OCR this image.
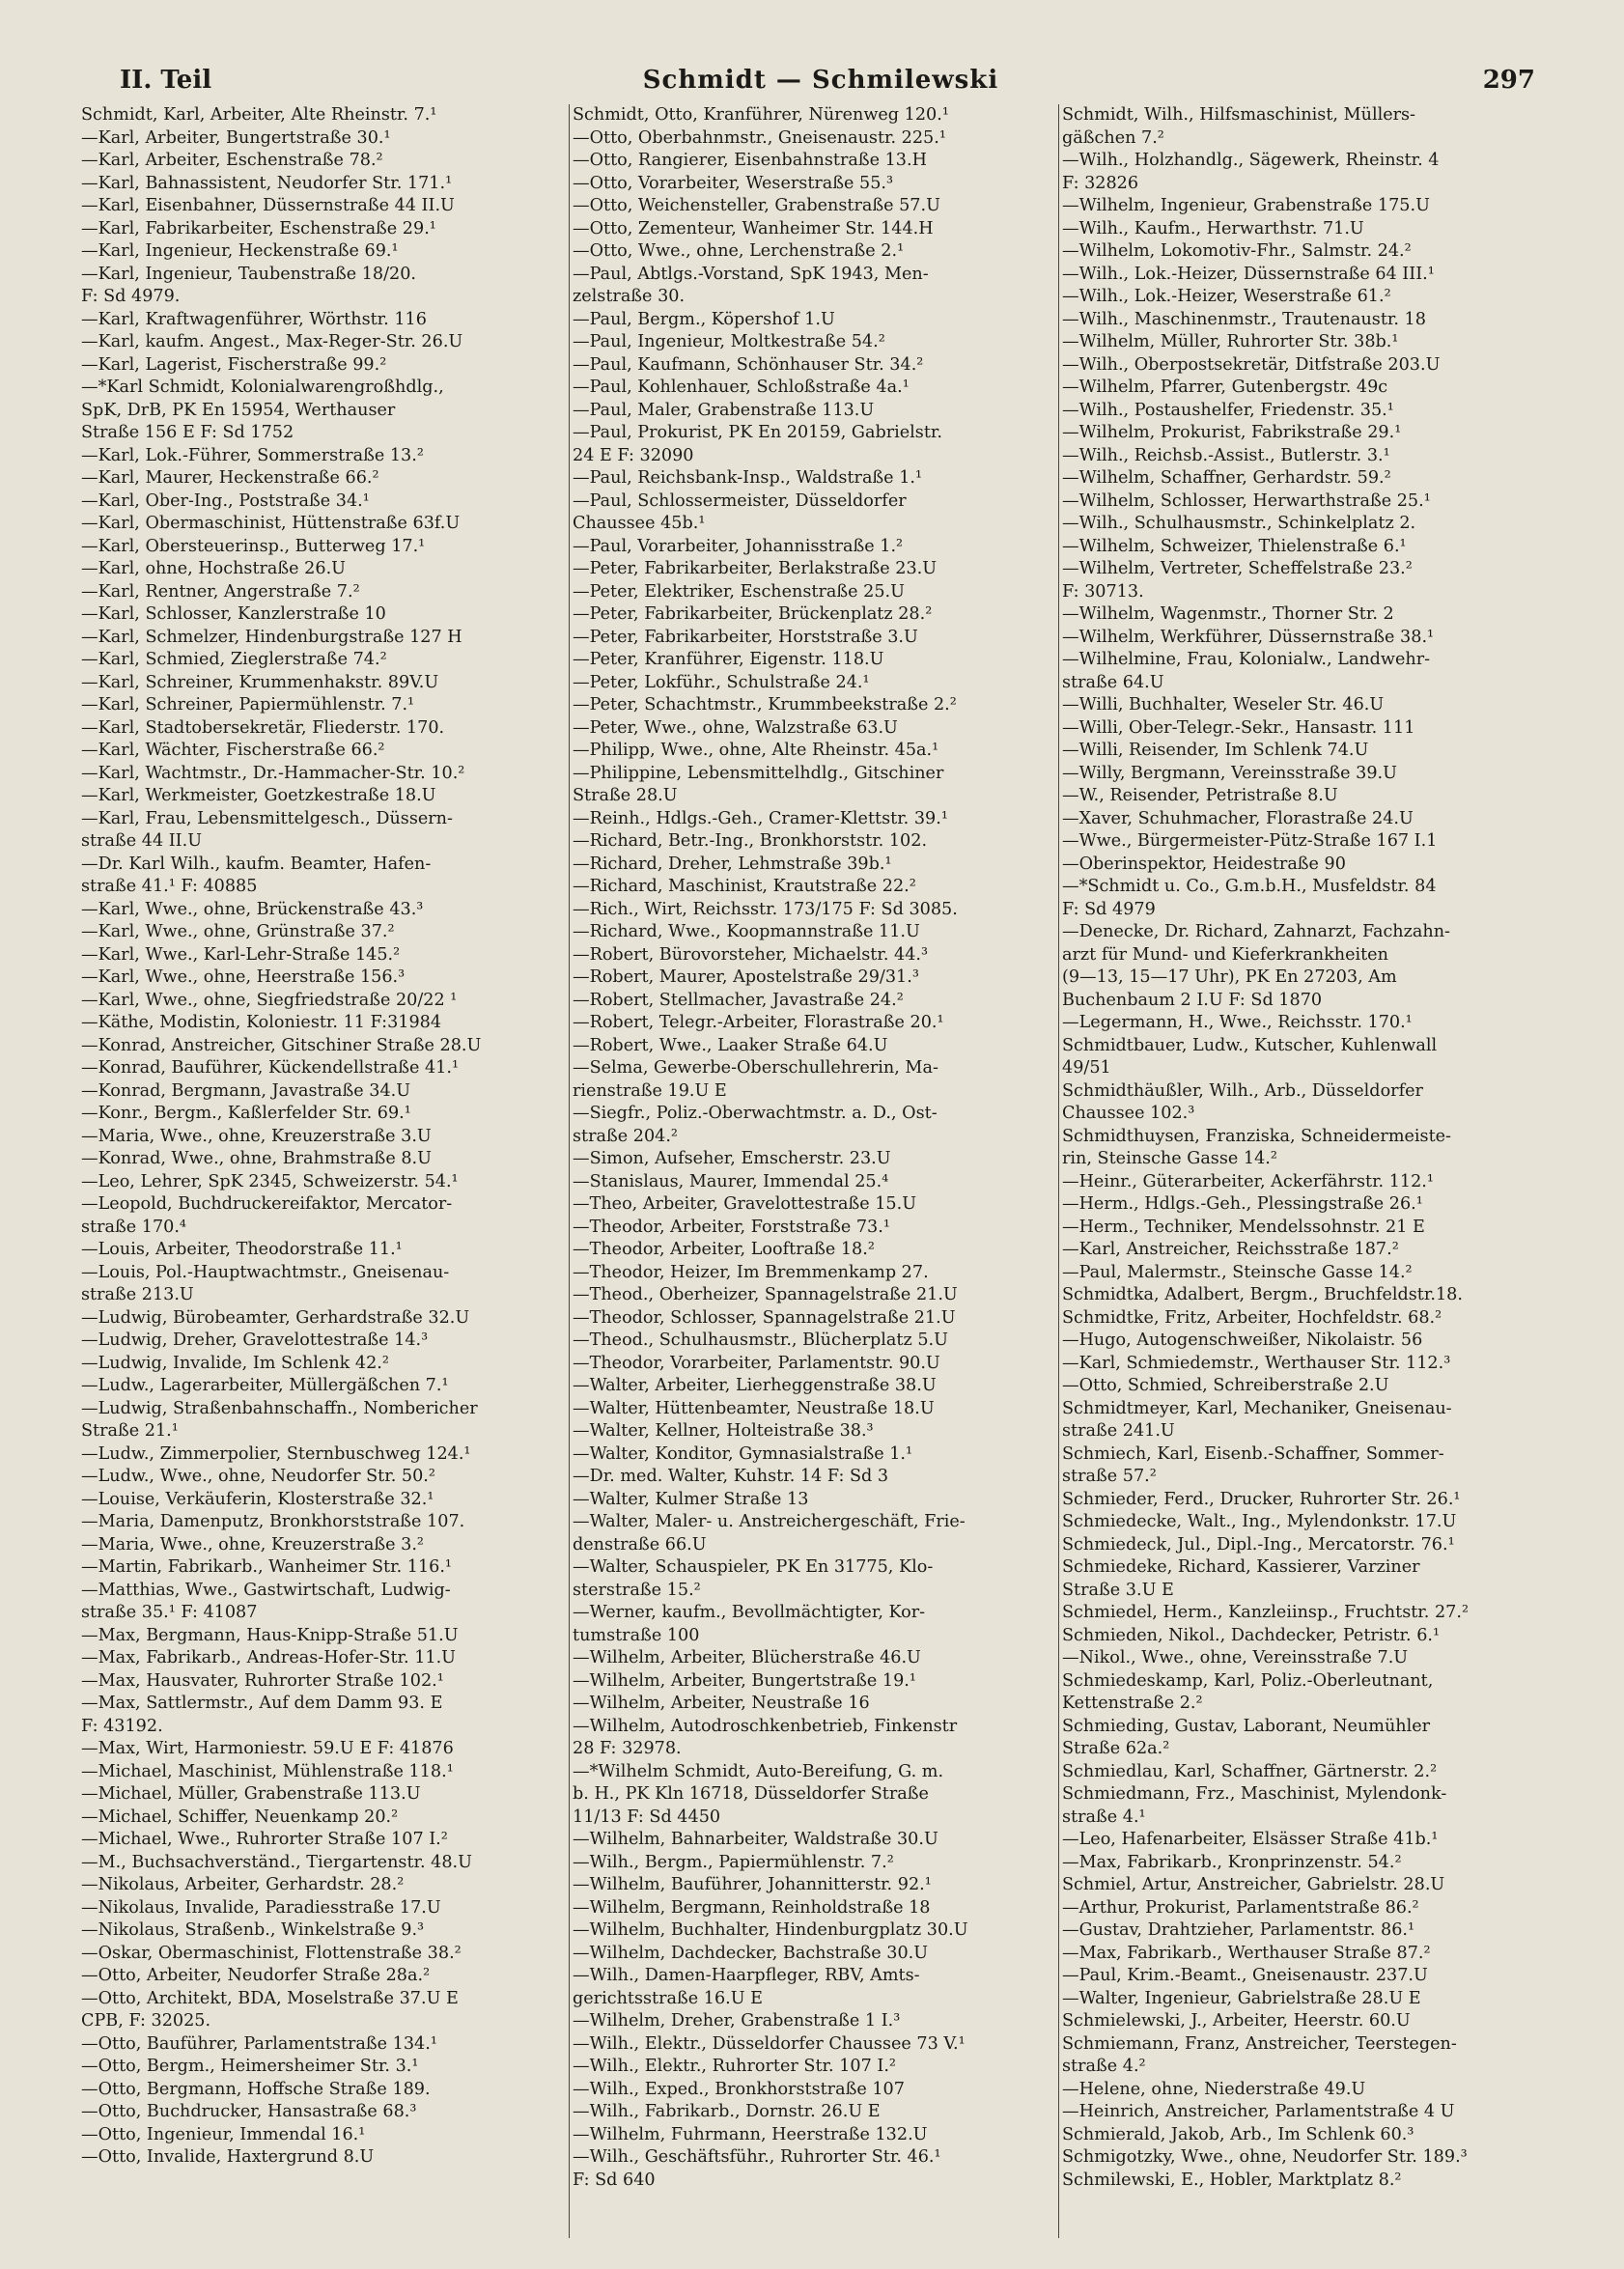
II. Teil	Schmidt — Schmilewski	297
Schmidt, Karl, Arbeiter, Alte Rheinstr. 7.¹
—Karl, Arbeiter, Bungertstraße 30.¹
—Karl, Arbeiter, Eschenstraße 78.²
—Karl, Bahnassistent, Neudorfer Str. 171.¹
—Karl, Eisenbahner, Düssernstraße 44 II.U
—Karl, Fabrikarbeiter, Eschenstraße 29.¹
—Karl, Ingenieur, Heckenstraße 69.¹
—Karl, Ingenieur, Taubenstraße 18/20.
F: Sd 4979.
—Karl, Kraftwagenführer, Wörthstr. 116
—Karl, kaufm. Angest., Max-Reger-Str. 26.U
—Karl, Lagerist, Fischerstraße 99.²
—*Karl Schmidt, Kolonialwarengroßhdlg.,
SpK, DrB, PK En 15954, Werthauser
Straße 156 E F: Sd 1752
—Karl, Lok.-Führer, Sommerstraße 13.²
—Karl, Maurer, Heckenstraße 66.²
—Karl, Ober-Ing., Poststraße 34.¹
—Karl, Obermaschinist, Hüttenstraße 63f.U
—Karl, Obersteuerinsp., Butterweg 17.¹
—Karl, ohne, Hochstraße 26.U
—Karl, Rentner, Angerstraße 7.²
—Karl, Schlosser, Kanzlerstraße 10
—Karl, Schmelzer, Hindenburgstraße 127 H
—Karl, Schmied, Zieglerstraße 74.²
—Karl, Schreiner, Krummenhakstr. 89V.U
—Karl, Schreiner, Papiermühlenstr. 7.¹
—Karl, Stadtobersekretär, Fliederstr. 170.
—Karl, Wächter, Fischerstraße 66.²
—Karl, Wachtmstr., Dr.-Hammacher-Str. 10.²
—Karl, Werkmeister, Goetzkestraße 18.U
—Karl, Frau, Lebensmittelgesch., Düssern-
straße 44 II.U
—Dr. Karl Wilh., kaufm. Beamter, Hafen-
straße 41.¹ F: 40885
—Karl, Wwe., ohne, Brückenstraße 43.³
—Karl, Wwe., ohne, Grünstraße 37.²
—Karl, Wwe., Karl-Lehr-Straße 145.²
—Karl, Wwe., ohne, Heerstraße 156.³
—Karl, Wwe., ohne, Siegfriedstraße 20/22 ¹
—Käthe, Modistin, Koloniestr. 11 F:31984
—Konrad, Anstreicher, Gitschiner Straße 28.U
—Konrad, Bauführer, Kückendellstraße 41.¹
—Konrad, Bergmann, Javastraße 34.U
—Konr., Bergm., Kaßlerfelder Str. 69.¹
—Maria, Wwe., ohne, Kreuzerstraße 3.U
—Konrad, Wwe., ohne, Brahmstraße 8.U
—Leo, Lehrer, SpK 2345, Schweizerstr. 54.¹
—Leopold, Buchdruckereifaktor, Mercator-
straße 170.⁴
—Louis, Arbeiter, Theodorstraße 11.¹
—Louis, Pol.-Hauptwachtmstr., Gneisenau-
straße 213.U
—Ludwig, Bürobeamter, Gerhardstraße 32.U
—Ludwig, Dreher, Gravelottestraße 14.³
—Ludwig, Invalide, Im Schlenk 42.²
—Ludw., Lagerarbeiter, Müllergäßchen 7.¹
—Ludwig, Straßenbahnschaffn., Nombericher
Straße 21.¹
—Ludw., Zimmerpolier, Sternbuschweg 124.¹
—Ludw., Wwe., ohne, Neudorfer Str. 50.²
—Louise, Verkäuferin, Klosterstraße 32.¹
—Maria, Damenputz, Bronkhorststraße 107.
—Maria, Wwe., ohne, Kreuzerstraße 3.²
—Martin, Fabrikarb., Wanheimer Str. 116.¹
—Matthias, Wwe., Gastwirtschaft, Ludwig-
straße 35.¹ F: 41087
—Max, Bergmann, Haus-Knipp-Straße 51.U
—Max, Fabrikarb., Andreas-Hofer-Str. 11.U
—Max, Hausvater, Ruhrorter Straße 102.¹
—Max, Sattlermstr., Auf dem Damm 93. E
F: 43192.
—Max, Wirt, Harmoniestr. 59.U E F: 41876
—Michael, Maschinist, Mühlenstraße 118.¹
—Michael, Müller, Grabenstraße 113.U
—Michael, Schiffer, Neuenkamp 20.²
—Michael, Wwe., Ruhrorter Straße 107 I.²
—M., Buchsachverständ., Tiergartenstr. 48.U
—Nikolaus, Arbeiter, Gerhardstr. 28.²
—Nikolaus, Invalide, Paradiesstraße 17.U
—Nikolaus, Straßenb., Winkelstraße 9.³
—Oskar, Obermaschinist, Flottenstraße 38.²
—Otto, Arbeiter, Neudorfer Straße 28a.²
—Otto, Architekt, BDA, Moselstraße 37.U E
CPB, F: 32025.
—Otto, Bauführer, Parlamentstraße 134.¹
—Otto, Bergm., Heimersheimer Str. 3.¹
—Otto, Bergmann, Hoffsche Straße 189.
—Otto, Buchdrucker, Hansastraße 68.³
—Otto, Ingenieur, Immendal 16.¹
—Otto, Invalide, Haxtergrund 8.U
Schmidt, Otto, Kranführer, Nürenweg 120.¹
—Otto, Oberbahnmstr., Gneisenaustr. 225.¹
—Otto, Rangierer, Eisenbahnstraße 13.H
—Otto, Vorarbeiter, Weserstraße 55.³
—Otto, Weichensteller, Grabenstraße 57.U
—Otto, Zementeur, Wanheimer Str. 144.H
—Otto, Wwe., ohne, Lerchenstraße 2.¹
—Paul, Abtlgs.-Vorstand, SpK 1943, Men-
zelstraße 30.
—Paul, Bergm., Köpershof 1.U
—Paul, Ingenieur, Moltkestraße 54.²
—Paul, Kaufmann, Schönhauser Str. 34.²
—Paul, Kohlenhauer, Schloßstraße 4a.¹
—Paul, Maler, Grabenstraße 113.U
—Paul, Prokurist, PK En 20159, Gabrielstr.
24 E F: 32090
—Paul, Reichsbank-Insp., Waldstraße 1.¹
—Paul, Schlossermeister, Düsseldorfer
Chaussee 45b.¹
—Paul, Vorarbeiter, Johannisstraße 1.²
—Peter, Fabrikarbeiter, Berlakstraße 23.U
—Peter, Elektriker, Eschenstraße 25.U
—Peter, Fabrikarbeiter, Brückenplatz 28.²
—Peter, Fabrikarbeiter, Horststraße 3.U
—Peter, Kranführer, Eigenstr. 118.U
—Peter, Lokführ., Schulstraße 24.¹
—Peter, Schachtmstr., Krummbeekstraße 2.²
—Peter, Wwe., ohne, Walzstraße 63.U
—Philipp, Wwe., ohne, Alte Rheinstr. 45a.¹
—Philippine, Lebensmittelhdlg., Gitschiner
Straße 28.U
—Reinh., Hdlgs.-Geh., Cramer-Klettstr. 39.¹
—Richard, Betr.-Ing., Bronkhorststr. 102.
—Richard, Dreher, Lehmstraße 39b.¹
—Richard, Maschinist, Krautstraße 22.²
—Rich., Wirt, Reichsstr. 173/175 F: Sd 3085.
—Richard, Wwe., Koopmannstraße 11.U
—Robert, Bürovorsteher, Michaelstr. 44.³
—Robert, Maurer, Apostelstraße 29/31.³
—Robert, Stellmacher, Javastraße 24.²
—Robert, Telegr.-Arbeiter, Florastraße 20.¹
—Robert, Wwe., Laaker Straße 64.U
—Selma, Gewerbe-Oberschullehrerin, Ma-
rienstraße 19.U E
—Siegfr., Poliz.-Oberwachtmstr. a. D., Ost-
straße 204.²
—Simon, Aufseher, Emscherstr. 23.U
—Stanislaus, Maurer, Immendal 25.⁴
—Theo, Arbeiter, Gravelottestraße 15.U
—Theodor, Arbeiter, Forststraße 73.¹
—Theodor, Arbeiter, Looftraße 18.²
—Theodor, Heizer, Im Bremmenkamp 27.
—Theod., Oberheizer, Spannagelstraße 21.U
—Theodor, Schlosser, Spannagelstraße 21.U
—Theod., Schulhausmstr., Blücherplatz 5.U
—Theodor, Vorarbeiter, Parlamentstr. 90.U
—Walter, Arbeiter, Lierheggenstraße 38.U
—Walter, Hüttenbeamter, Neustraße 18.U
—Walter, Kellner, Holteistraße 38.³
—Walter, Konditor, Gymnasialstraße 1.¹
—Dr. med. Walter, Kuhstr. 14 F: Sd 3
—Walter, Kulmer Straße 13
—Walter, Maler- u. Anstreichergeschäft, Frie-
denstraße 66.U
—Walter, Schauspieler, PK En 31775, Klo-
sterstraße 15.²
—Werner, kaufm., Bevollmächtigter, Kor-
tumstraße 100
—Wilhelm, Arbeiter, Blücherstraße 46.U
—Wilhelm, Arbeiter, Bungertstraße 19.¹
—Wilhelm, Arbeiter, Neustraße 16
—Wilhelm, Autodroschkenbetrieb, Finkenstr
28 F: 32978.
—*Wilhelm Schmidt, Auto-Bereifung, G. m.
b. H., PK Kln 16718, Düsseldorfer Straße
11/13 F: Sd 4450
—Wilhelm, Bahnarbeiter, Waldstraße 30.U
—Wilh., Bergm., Papiermühlenstr. 7.²
—Wilhelm, Bauführer, Johannitterstr. 92.¹
—Wilhelm, Bergmann, Reinholdstraße 18
—Wilhelm, Buchhalter, Hindenburgplatz 30.U
—Wilhelm, Dachdecker, Bachstraße 30.U
—Wilh., Damen-Haarpfleger, RBV, Amts-
gerichtsstraße 16.U E
—Wilhelm, Dreher, Grabenstraße 1 I.³
—Wilh., Elektr., Düsseldorfer Chaussee 73 V.¹
—Wilh., Elektr., Ruhrorter Str. 107 I.²
—Wilh., Exped., Bronkhorststraße 107
—Wilh., Fabrikarb., Dornstr. 26.U E
—Wilhelm, Fuhrmann, Heerstraße 132.U
—Wilh., Geschäftsführ., Ruhrorter Str. 46.¹
F: Sd 640
Schmidt, Wilh., Hilfsmaschinist, Müllers-
gäßchen 7.²
—Wilh., Holzhandlg., Sägewerk, Rheinstr. 4
F: 32826
—Wilhelm, Ingenieur, Grabenstraße 175.U
—Wilh., Kaufm., Herwarthstr. 71.U
—Wilhelm, Lokomotiv-Fhr., Salmstr. 24.²
—Wilh., Lok.-Heizer, Düssernstraße 64 III.¹
—Wilh., Lok.-Heizer, Weserstraße 61.²
—Wilh., Maschinenmstr., Trautenaustr. 18
—Wilhelm, Müller, Ruhrorter Str. 38b.¹
—Wilh., Oberpostsekretär, Ditfstraße 203.U
—Wilhelm, Pfarrer, Gutenbergstr. 49c
—Wilh., Postaushelfer, Friedenstr. 35.¹
—Wilhelm, Prokurist, Fabrikstraße 29.¹
—Wilh., Reichsb.-Assist., Butlerstr. 3.¹
—Wilhelm, Schaffner, Gerhardstr. 59.²
—Wilhelm, Schlosser, Herwarthstraße 25.¹
—Wilh., Schulhausmstr., Schinkelplatz 2.
—Wilhelm, Schweizer, Thielenstraße 6.¹
—Wilhelm, Vertreter, Scheffelstraße 23.²
F: 30713.
—Wilhelm, Wagenmstr., Thorner Str. 2
—Wilhelm, Werkführer, Düssernstraße 38.¹
—Wilhelmine, Frau, Kolonialw., Landwehr-
straße 64.U
—Willi, Buchhalter, Weseler Str. 46.U
—Willi, Ober-Telegr.-Sekr., Hansastr. 111
—Willi, Reisender, Im Schlenk 74.U
—Willy, Bergmann, Vereinsstraße 39.U
—W., Reisender, Petristraße 8.U
—Xaver, Schuhmacher, Florastraße 24.U
—Wwe., Bürgermeister-Pütz-Straße 167 I.1
—Oberinspektor, Heidestraße 90
—*Schmidt u. Co., G.m.b.H., Musfeldstr. 84
F: Sd 4979
—Denecke, Dr. Richard, Zahnarzt, Fachzahn-
arzt für Mund- und Kieferkrankheiten
(9—13, 15—17 Uhr), PK En 27203, Am
Buchenbaum 2 I.U F: Sd 1870
—Legermann, H., Wwe., Reichsstr. 170.¹
Schmidtbauer, Ludw., Kutscher, Kuhlenwall
49/51
Schmidthäußler, Wilh., Arb., Düsseldorfer
Chaussee 102.³
Schmidthuysen, Franziska, Schneidermeiste-
rin, Steinsche Gasse 14.²
—Heinr., Güterarbeiter, Ackerfährstr. 112.¹
—Herm., Hdlgs.-Geh., Plessingstraße 26.¹
—Herm., Techniker, Mendelssohnstr. 21 E
—Karl, Anstreicher, Reichsstraße 187.²
—Paul, Malermstr., Steinsche Gasse 14.²
Schmidtka, Adalbert, Bergm., Bruchfeldstr.18.
Schmidtke, Fritz, Arbeiter, Hochfeldstr. 68.²
—Hugo, Autogenschweißer, Nikolaistr. 56
—Karl, Schmiedemstr., Werthauser Str. 112.³
—Otto, Schmied, Schreiberstraße 2.U
Schmidtmeyer, Karl, Mechaniker, Gneisenau-
straße 241.U
Schmiech, Karl, Eisenb.-Schaffner, Sommer-
straße 57.²
Schmieder, Ferd., Drucker, Ruhrorter Str. 26.¹
Schmiedecke, Walt., Ing., Mylendonkstr. 17.U
Schmiedeck, Jul., Dipl.-Ing., Mercatorstr. 76.¹
Schmiedeke, Richard, Kassierer, Varziner
Straße 3.U E
Schmiedel, Herm., Kanzleiinsp., Fruchtstr. 27.²
Schmieden, Nikol., Dachdecker, Petristr. 6.¹
—Nikol., Wwe., ohne, Vereinsstraße 7.U
Schmiedeskamp, Karl, Poliz.-Oberleutnant,
Kettenstraße 2.²
Schmieding, Gustav, Laborant, Neumühler
Straße 62a.²
Schmiedlau, Karl, Schaffner, Gärtnerstr. 2.²
Schmiedmann, Frz., Maschinist, Mylendonk-
straße 4.¹
—Leo, Hafenarbeiter, Elsässer Straße 41b.¹
—Max, Fabrikarb., Kronprinzenstr. 54.²
Schmiel, Artur, Anstreicher, Gabrielstr. 28.U
—Arthur, Prokurist, Parlamentstraße 86.²
—Gustav, Drahtzieher, Parlamentstr. 86.¹
—Max, Fabrikarb., Werthauser Straße 87.²
—Paul, Krim.-Beamt., Gneisenaustr. 237.U
—Walter, Ingenieur, Gabrielstraße 28.U E
Schmielewski, J., Arbeiter, Heerstr. 60.U
Schmiemann, Franz, Anstreicher, Teerstegen-
straße 4.²
—Helene, ohne, Niederstraße 49.U
—Heinrich, Anstreicher, Parlamentstraße 4 U
Schmierald, Jakob, Arb., Im Schlenk 60.³
Schmigotzky, Wwe., ohne, Neudorfer Str. 189.³
Schmilewski, E., Hobler, Marktplatz 8.²
